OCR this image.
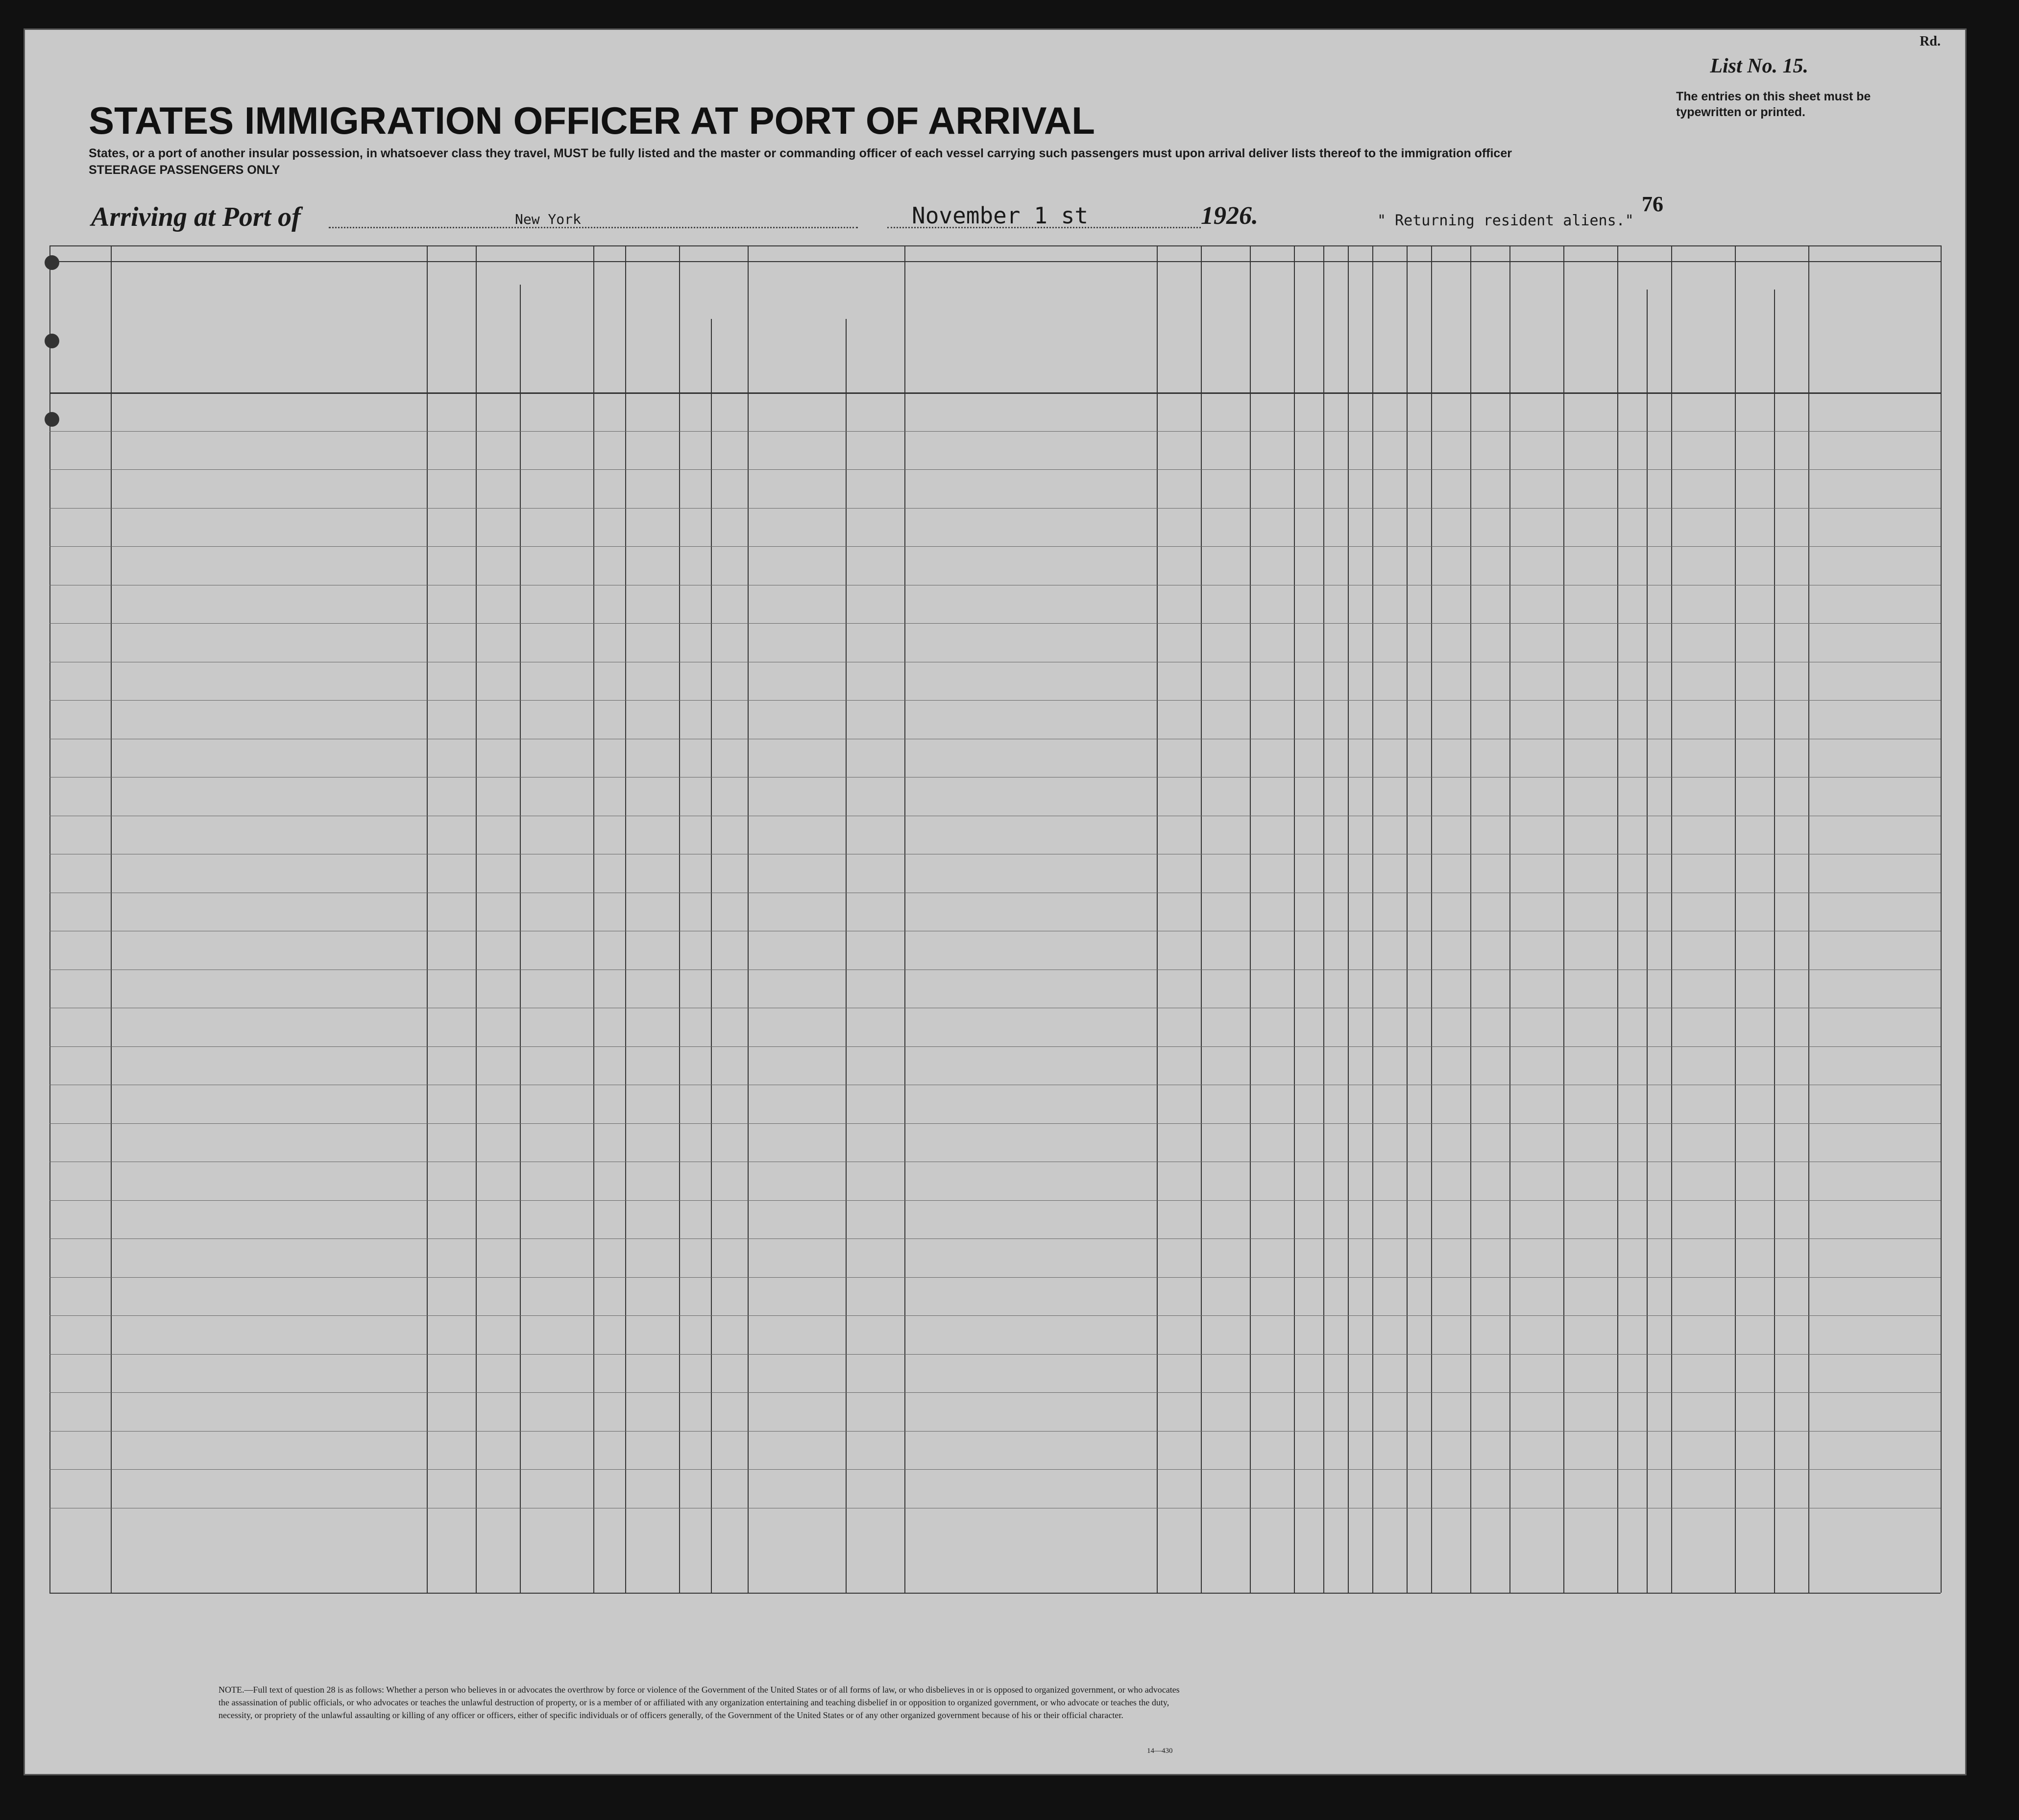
Rd.
List No. 15.
The entries on this sheet must be typewritten or printed.
STATES IMMIGRATION OFFICER AT PORT OF ARRIVAL
States, or a port of another insular possession, in whatsoever class they travel, MUST be fully listed and the master or commanding officer of each vessel carrying such passengers must upon arrival deliver lists thereof to the immigration officer
STEERAGE PASSENGERS ONLY
Arriving at Port of	New York	November 1 st	1926.	" Returning resident aliens."
76
NOTE.—Full text of question 28 is as follows: Whether a person who believes in or advocates the overthrow by force or violence of the Government of the United States or of all forms of law, or who disbelieves in or is opposed to organized government, or who advocates the assassination of public officials, or who advocates or teaches the unlawful destruction of property, or is a member of or affiliated with any organization entertaining and teaching disbelief in or opposition to organized government, or who advocate or teaches the duty, necessity, or propriety of the unlawful assaulting or killing of any officer or officers, either of specific individuals or of officers generally, of the Government of the United States or of any other organized government because of his or their official character.
14—430
